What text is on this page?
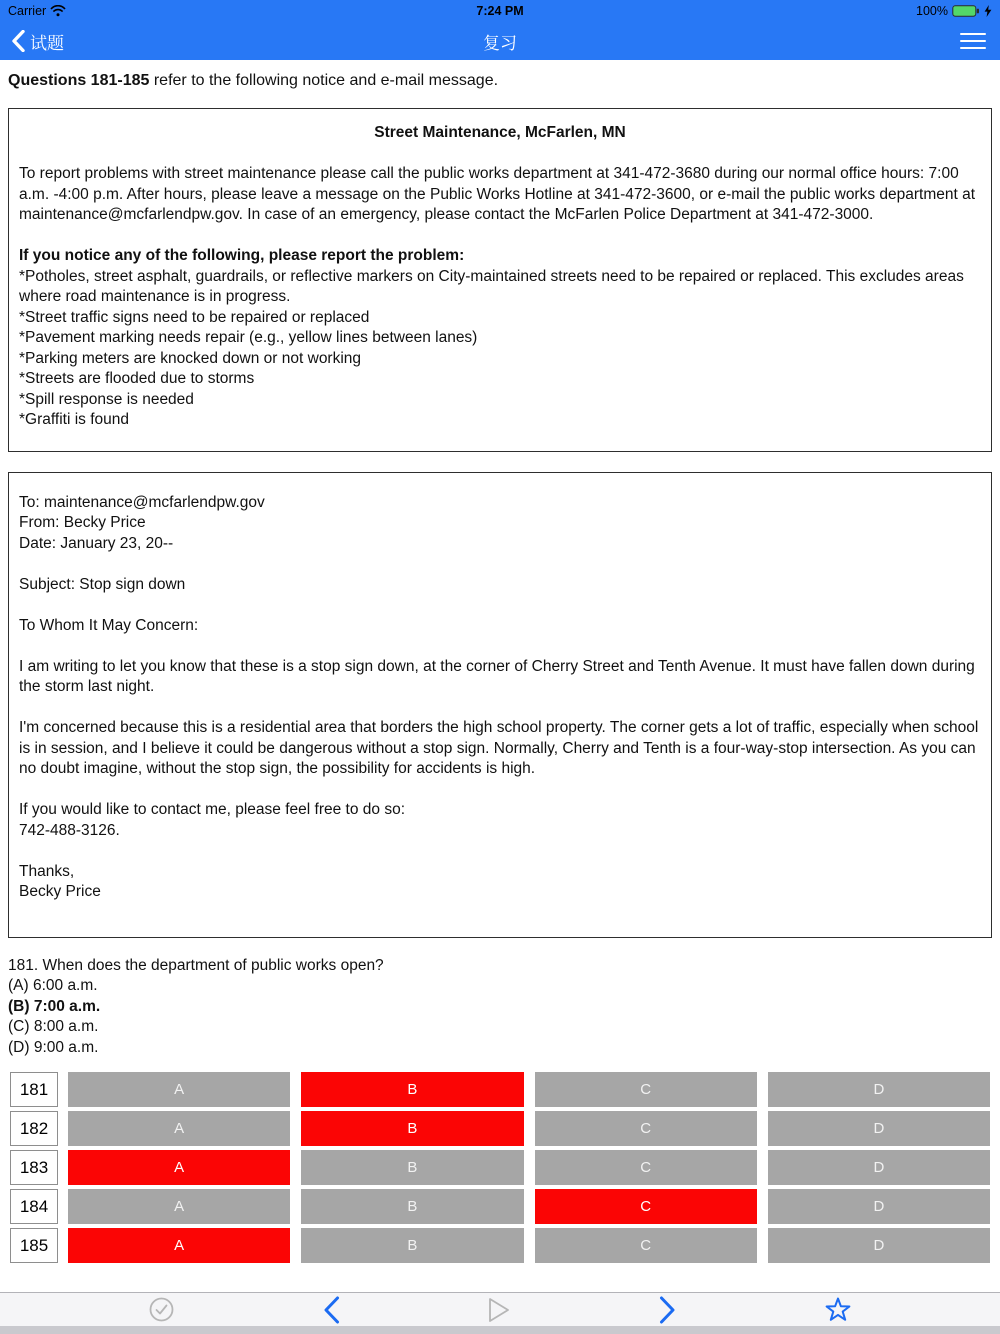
Carrier	7:24 PM	100%
复习
试题
Questions 181-185 refer to the following notice and e-mail message.
Street Maintenance, McFarlen, MN
To report problems with street maintenance please call the public works department at 341-472-3680 during our normal office hours: 7:00 a.m. -4:00 p.m. After hours, please leave a message on the Public Works Hotline at 341-472-3600, or e-mail the public works department at maintenance@mcfarlendpw.gov. In case of an emergency, please contact the McFarlen Police Department at 341-472-3000.
If you notice any of the following, please report the problem:
*Potholes, street asphalt, guardrails, or reflective markers on City-maintained streets need to be repaired or replaced. This excludes areas where road maintenance is in progress.
*Street traffic signs need to be repaired or replaced
*Pavement marking needs repair (e.g., yellow lines between lanes)
*Parking meters are knocked down or not working
*Streets are flooded due to storms
*Spill response is needed
*Graffiti is found
To: maintenance@mcfarlendpw.gov
From: Becky Price
Date: January 23, 20--
Subject: Stop sign down
To Whom It May Concern:
I am writing to let you know that these is a stop sign down, at the corner of Cherry Street and Tenth Avenue. It must have fallen down during the storm last night.
I'm concerned because this is a residential area that borders the high school property. The corner gets a lot of traffic, especially when school is in session, and I believe it could be dangerous without a stop sign. Normally, Cherry and Tenth is a four-way-stop intersection. As you can no doubt imagine, without the stop sign, the possibility for accidents is high.
If you would like to contact me, please feel free to do so:
742-488-3126.
Thanks,
Becky Price
181. When does the department of public works open?
(A) 6:00 a.m.
(B) 7:00 a.m.
(C) 8:00 a.m.
(D) 9:00 a.m.
181	A	B	C	D
182	A	B	C	D
183	A	B	C	D
184	A	B	C	D
185	A	B	C	D
